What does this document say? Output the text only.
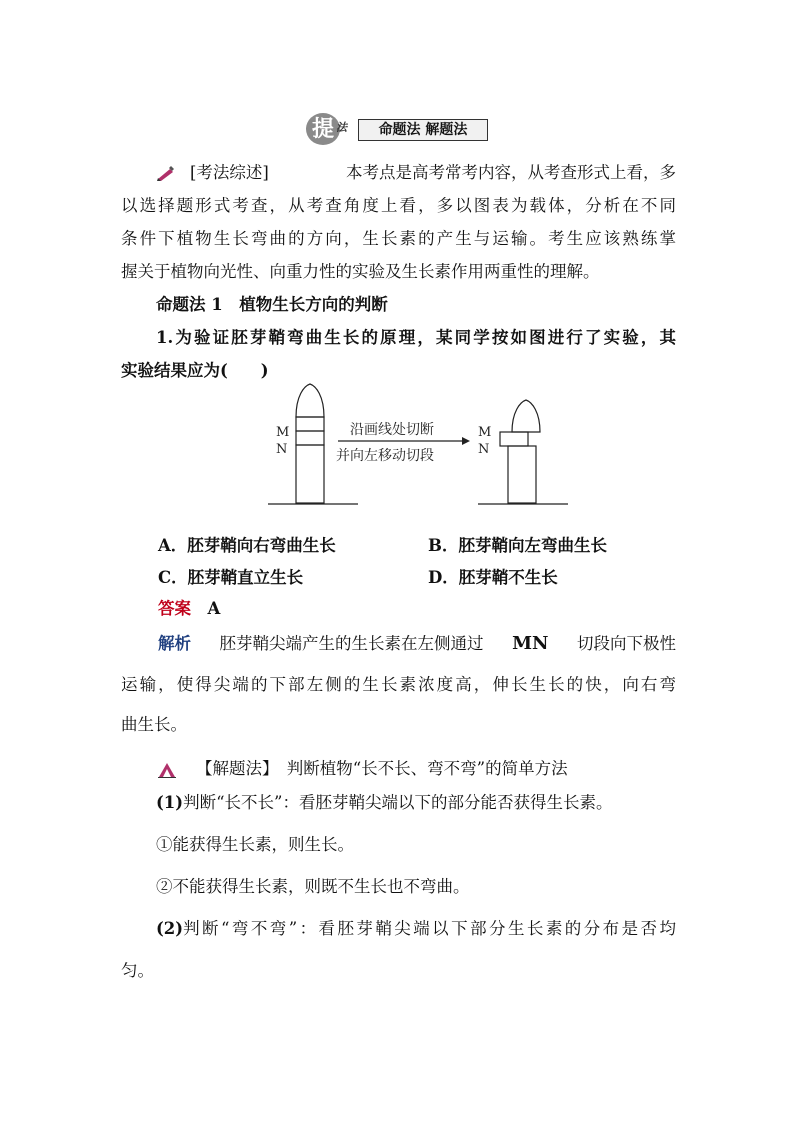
提 法	命题法 解题法
[考法综述]	本考点是高考常考内容，从考查形式上看，多
以选择题形式考查，从考查角度上看，多以图表为载体，分析在不同
条件下植物生长弯曲的方向，生长素的产生与运输。考生应该熟练掌
握关于植物向光性、向重力性的实验及生长素作用两重性的理解。
命题法 1　 植物生长方向的判断
1.为验证胚芽鞘弯曲生长的原理，某同学按如图进行了实验，其
实验结果应为(　　)
M
N
沿画线处切断
并向左移动切段
M
N
A．胚芽鞘向右弯曲生长	B．胚芽鞘向左弯曲生长
C．胚芽鞘直立生长	D．胚芽鞘不生长
答案　 A
解析 胚芽鞘尖端产生的生长素在左侧通过 MN 切段向下极性
运输，使得尖端的下部左侧的生长素浓度高，伸长生长的快，向右弯
曲生长。
【解题法】　 判断植物“长不长、弯不弯”的简单方法
(1)判断“长不长”：看胚芽鞘尖端以下的部分能否获得生长素。
①能获得生长素，则生长。
②不能获得生长素，则既不生长也不弯曲。
(2) 判断“弯不弯”：看胚芽鞘尖端以下部分生长素的分布是否均
匀。
